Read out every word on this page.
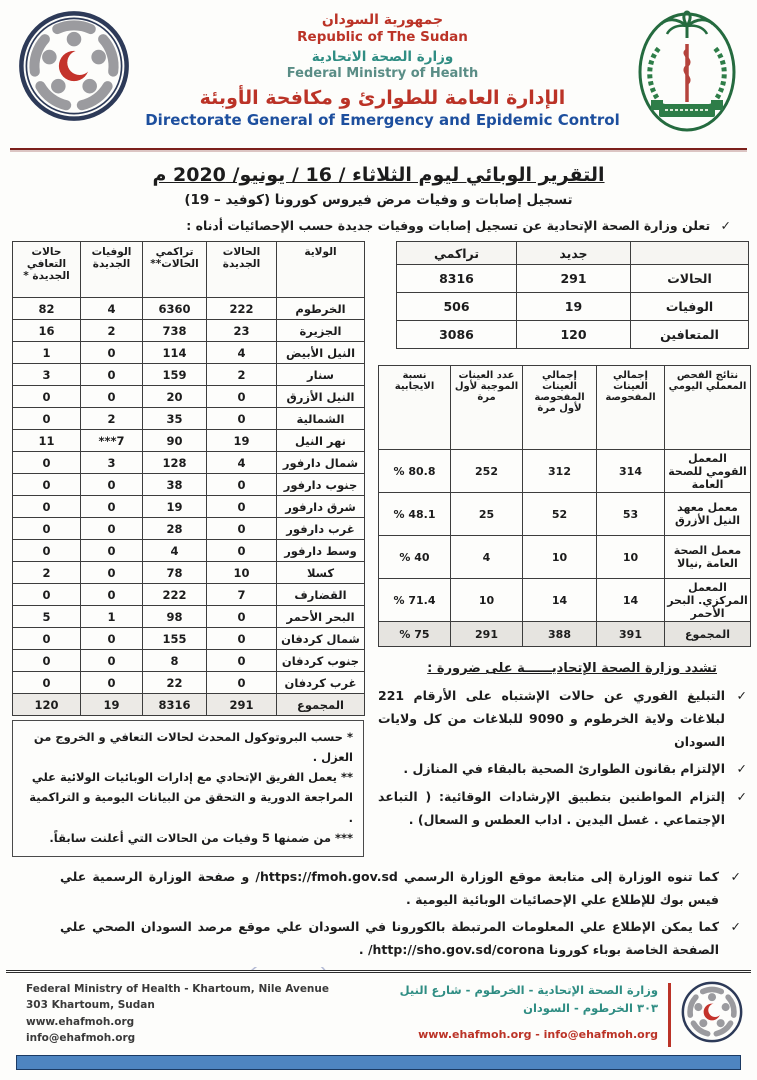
جمهورية السودان
Republic of The Sudan
وزارة الصحة الاتحادية
Federal Ministry of Health
الإدارة العامة للطوارئ و مكافحة الأوبئة
Directorate General of Emergency and Epidemic Control
التقرير الوبائي ليوم الثلاثاء / 16 / يونيو/ 2020 م
تسجيل إصابات و وفيات مرض فيروس كورونا (كوفيد – 19)
✓ تعلن وزارة الصحة الإتحادية عن تسجيل إصابات ووفيات جديدة حسب الإحصائيات أدناه :
الولاية	الحالات الجديدة	تراكمي الحالات**	الوفيات الجديدة	حالات التعافي الجديدة *
الخرطوم	222	6360	4	82
الجزيرة	23	738	2	16
النيل الأبيض	4	114	0	1
سنار	2	159	0	3
النيل الأزرق	0	20	0	0
الشمالية	0	35	2	0
نهر النيل	19	90	***7	11
شمال دارفور	4	128	3	0
جنوب دارفور	0	38	0	0
شرق دارفور	0	19	0	0
غرب دارفور	0	28	0	0
وسط دارفور	0	4	0	0
كسلا	10	78	0	2
القضارف	7	222	0	0
البحر الأحمر	0	98	1	5
شمال كردفان	0	155	0	0
جنوب كردفان	0	8	0	0
غرب كردفان	0	22	0	0
المجموع	291	8316	19	120
* حسب البروتوكول المحدث لحالات التعافي و الخروج من العزل .
** يعمل الفريق الإتحادي مع إدارات الوبائيات الولائية علي المراجعة الدورية و التحقق من البيانات اليومية و التراكمية .
*** من ضمنها 5 وفيات من الحالات التي أعلنت سابقاً.
	جديد	تراكمي
الحالات	291	8316
الوفيات	19	506
المتعافين	120	3086
نتائج الفحص المعملي اليومي	إجمالي العينات المفحوصة	إجمالي العينات المفحوصة لأول مرة	عدد العينات الموجبة لأول مرة	نسبة الايجابية
المعمل القومي للصحة العامة	314	312	252	% 80.8
معمل معهد النيل الأزرق	53	52	25	% 48.1
معمل الصحة العامة ,نيالا	10	10	4	% 40
المعمل المركزي. البحر الأحمر	14	14	10	% 71.4
المجموع	391	388	291	% 75
تشدد وزارة الصحة الإتحاديــــــة على ضرورة :
✓
التبليغ الفوري عن حالات الإشتباه على الأرقام 221 لبلاغات ولاية الخرطوم و 9090 للبلاغات من كل ولايات السودان
✓
الإلتزام بقانون الطوارئ الصحية بالبقاء في المنازل .
✓
إلتزام المواطنين بتطبيق الإرشادات الوقائية: ( التباعد الإجتماعي . غسل اليدين . اداب العطس و السعال) .
✓
كما تنوه الوزارة إلى متابعة موقع الوزارة الرسمي https://fmoh.gov.sd/ و صفحة الوزارة الرسمية علي فيس بوك للإطلاع علي الإحصائيات الوبائية اليومية .
✓
كما يمكن الإطلاع علي المعلومات المرتبطة بالكورونا في السودان علي موقع مرصد السودان الصحي علي الصفحة الخاصة بوباء كورونا http://sho.gov.sd/corona/ .
Federal Ministry of Health - Khartoum, Nile Avenue
303 Khartoum, Sudan
www.ehafmoh.org
info@ehafmoh.org
وزارة الصحة الإتحادية - الخرطوم - شارع النيل
٣٠٣ الخرطوم - السودان
www.ehafmoh.org - info@ehafmoh.org
